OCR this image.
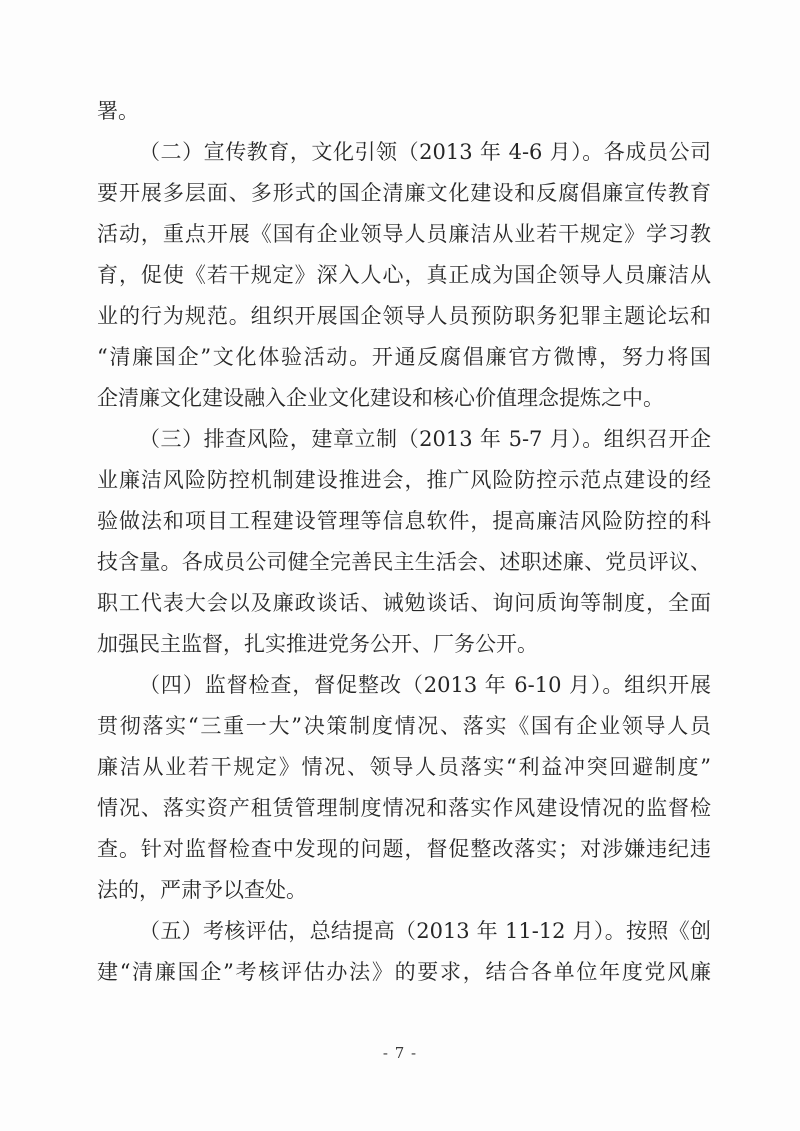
署。
（二）宣传教育，文化引领（2013 年 4-6 月）。各成员公司
要开展多层面、多形式的国企清廉文化建设和反腐倡廉宣传教育
活动，重点开展《国有企业领导人员廉洁从业若干规定》学习教
育，促使《若干规定》深入人心，真正成为国企领导人员廉洁从
业的行为规范。组织开展国企领导人员预防职务犯罪主题论坛和
“清廉国企”文化体验活动。开通反腐倡廉官方微博，努力将国
企清廉文化建设融入企业文化建设和核心价值理念提炼之中。
（三）排查风险，建章立制（2013 年 5-7 月）。组织召开企
业廉洁风险防控机制建设推进会，推广风险防控示范点建设的经
验做法和项目工程建设管理等信息软件，提高廉洁风险防控的科
技含量。各成员公司健全完善民主生活会、述职述廉、党员评议、
职工代表大会以及廉政谈话、诫勉谈话、询问质询等制度，全面
加强民主监督，扎实推进党务公开、厂务公开。
（四）监督检查，督促整改（2013 年 6-10 月）。组织开展
贯彻落实“三重一大”决策制度情况、落实《国有企业领导人员
廉洁从业若干规定》情况、领导人员落实“利益冲突回避制度”
情况、落实资产租赁管理制度情况和落实作风建设情况的监督检
查。针对监督检查中发现的问题，督促整改落实；对涉嫌违纪违
法的，严肃予以查处。
（五）考核评估，总结提高（2013 年 11-12 月）。按照《创
建“清廉国企”考核评估办法》的要求，结合各单位年度党风廉
- 7 -
